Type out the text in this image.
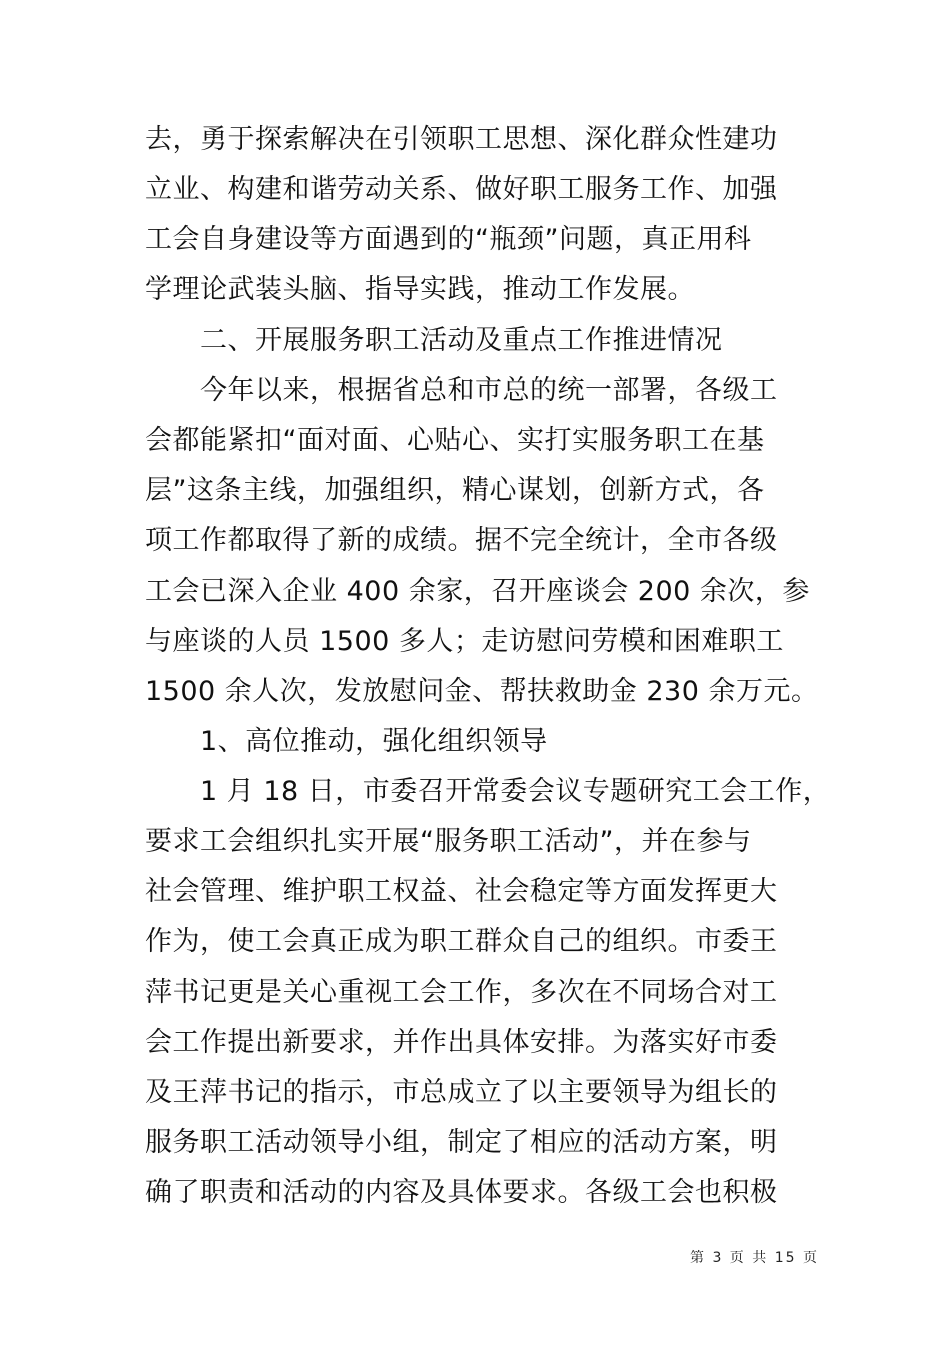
去，勇于探索解决在引领职工思想、深化群众性建功
立业、构建和谐劳动关系、做好职工服务工作、加强
工会自身建设等方面遇到的“瓶颈”问题，真正用科
学理论武装头脑、指导实践，推动工作发展。
　　二、开展服务职工活动及重点工作推进情况
　　今年以来，根据省总和市总的统一部署，各级工
会都能紧扣“面对面、心贴心、实打实服务职工在基
层”这条主线，加强组织，精心谋划，创新方式，各
项工作都取得了新的成绩。据不完全统计，全市各级
工会已深入企业 400 余家，召开座谈会 200 余次，参
与座谈的人员 1500 多人；走访慰问劳模和困难职工
1500 余人次，发放慰问金、帮扶救助金 230 余万元。
　　1、高位推动，强化组织领导
　　1 月 18 日，市委召开常委会议专题研究工会工作，
要求工会组织扎实开展“服务职工活动”，并在参与
社会管理、维护职工权益、社会稳定等方面发挥更大
作为，使工会真正成为职工群众自己的组织。市委王
萍书记更是关心重视工会工作，多次在不同场合对工
会工作提出新要求，并作出具体安排。为落实好市委
及王萍书记的指示，市总成立了以主要领导为组长的
服务职工活动领导小组，制定了相应的活动方案，明
确了职责和活动的内容及具体要求。各级工会也积极
第 3 页 共 15 页
